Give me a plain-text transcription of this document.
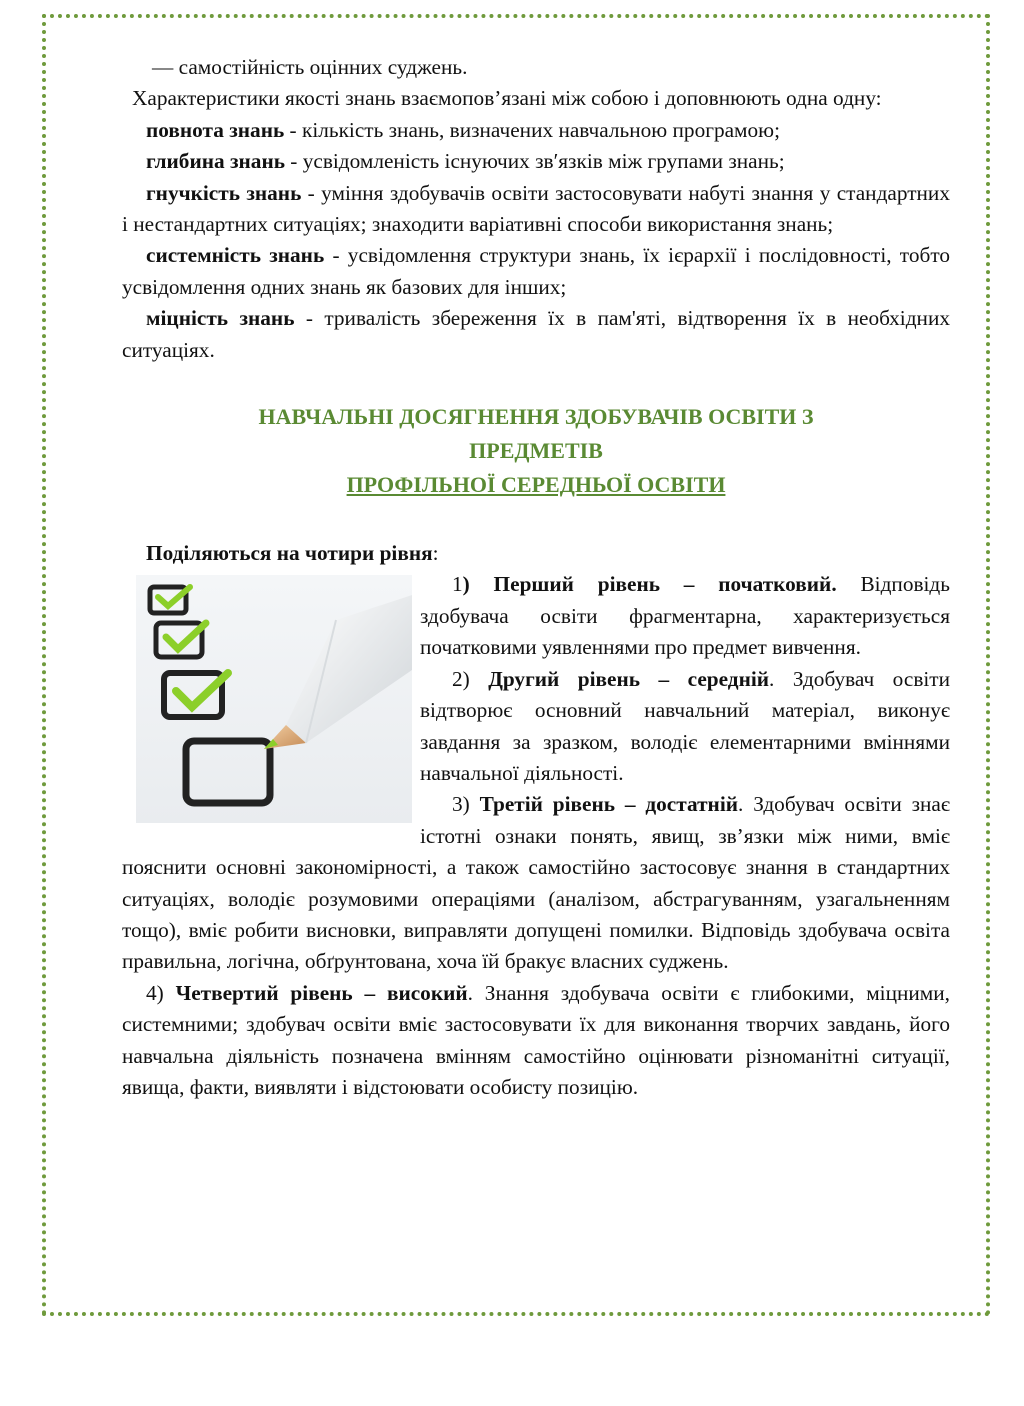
— самостійність оцінних суджень.

Характеристики якості знань взаємопов’язані між собою і доповнюють одна одну:

повнота знань - кількість знань, визначених навчальною програмою;

глибина знань - усвідомленість існуючих зв′язків між групами знань;

гнучкість знань - уміння здобувачів освіти застосовувати набуті знання у стандартних і нестандартних ситуаціях; знаходити варіативні способи використання знань;

системність знань - усвідомлення структури знань, їх ієрархії і послідовності, тобто усвідомлення одних знань як базових для інших;

міцність знань - тривалість збереження їх в пам'яті, відтворення їх в необхідних ситуаціях.

НАВЧАЛЬНІ ДОСЯГНЕННЯ ЗДОБУВАЧІВ ОСВІТИ З
ПРЕДМЕТІВ
ПРОФІЛЬНОЇ СЕРЕДНЬОЇ ОСВІТИ

Поділяються на чотири рівня:

1) Перший рівень – початковий. Відповідь здобувача освіти фрагментарна, характеризується початковими уявленнями про предмет вивчення.

2) Другий рівень – середній. Здобувач освіти відтворює основний навчальний матеріал, виконує завдання за зразком, володіє елементарними вміннями навчальної діяльності.

3) Третій рівень – достатній. Здобувач освіти знає істотні ознаки понять, явищ, зв’язки між ними, вміє пояснити основні закономірності, а також самостійно застосовує знання в стандартних ситуаціях, володіє розумовими операціями (аналізом, абстрагуванням, узагальненням тощо), вміє робити висновки, виправляти допущені помилки. Відповідь здобувача освіта правильна, логічна, обґрунтована, хоча їй бракує власних суджень.

4) Четвертий рівень – високий. Знання здобувача освіти є глибокими, міцними, системними; здобувач освіти вміє застосовувати їх для виконання творчих завдань, його навчальна діяльність позначена вмінням самостійно оцінювати різноманітні ситуації, явища, факти, виявляти і відстоювати особисту позицію.
